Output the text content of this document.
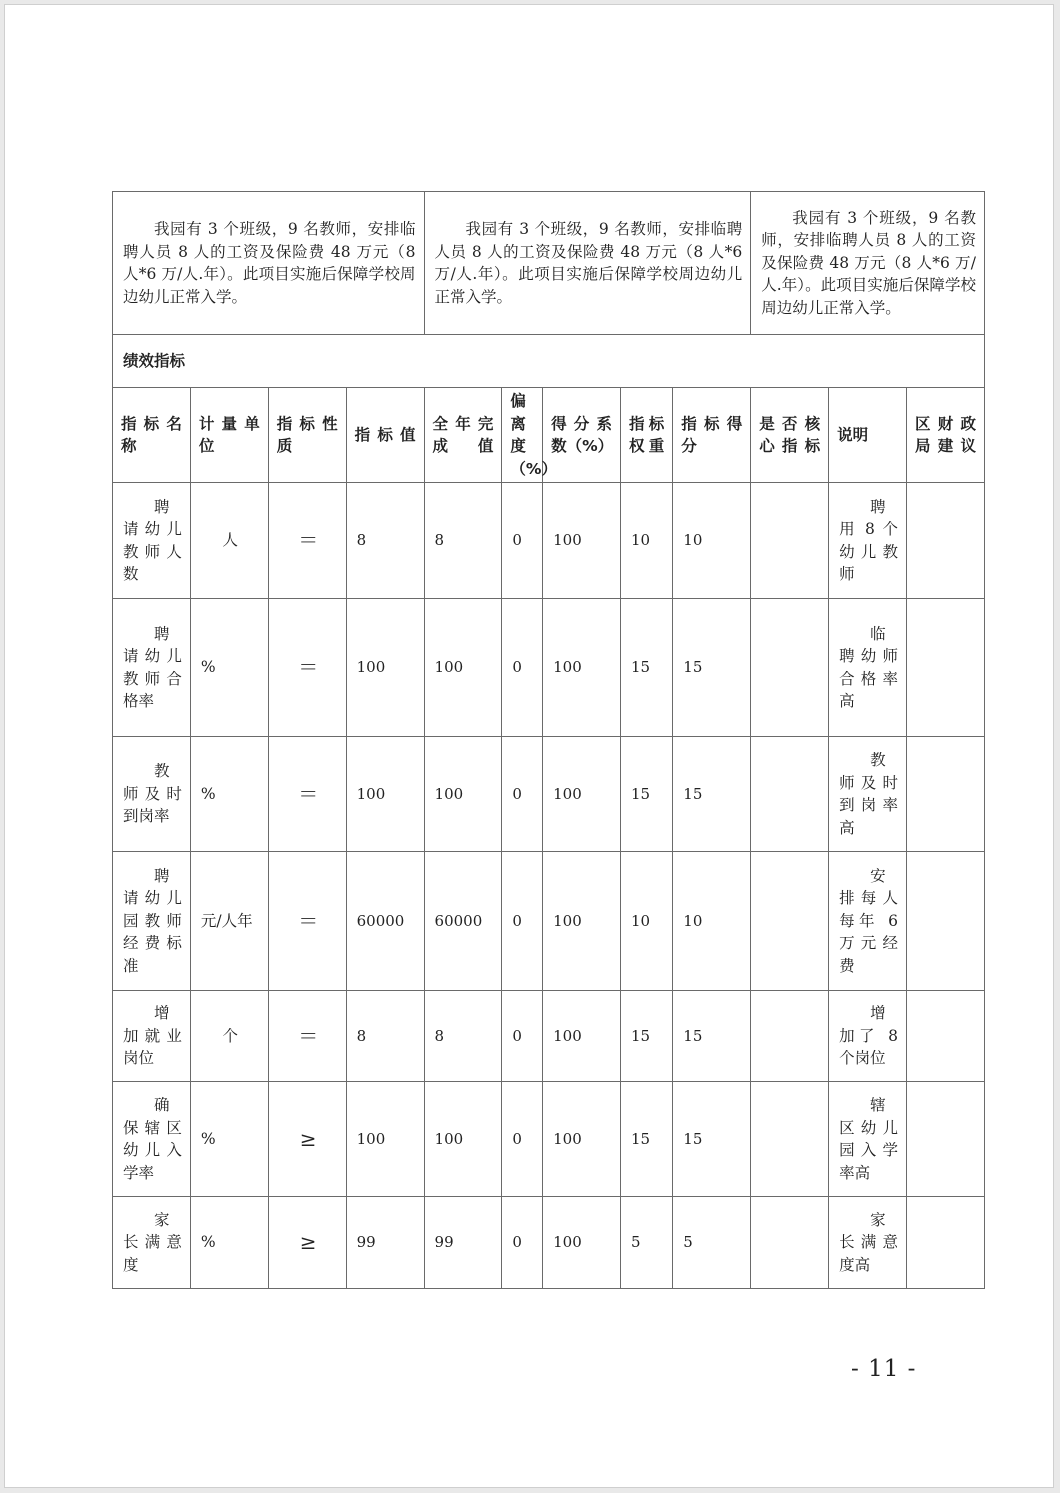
我园有 3 个班级，9 名教师，安排临聘人员 8 人的工资及保险费 48 万元（8 人*6 万/人.年）。此项目实施后保障学校周边幼儿正常入学。				我园有 3 个班级，9 名教师，安排临聘人员 8 人的工资及保险费 48 万元（8 人*6 万/人.年）。此项目实施后保障学校周边幼儿正常入学。					我园有 3 个班级，9 名教师，安排临聘人员 8 人的工资及保险费 48 万元（8 人*6 万/人.年）。此项目实施后保障学校周边幼儿正常入学。		
绩效指标											
指标名称	计量单位	指标性质	指标值	全年完成值	偏离度（%）	得分系数（%）	指标权重	指标得分	是否核心指标	说明	区财政局建议
聘请幼儿教师人数	人	＝	8	8	0	100	10	10		聘用 8 个幼儿教师	
聘请幼儿教师合格率	%	＝	100	100	0	100	15	15		临聘幼师合格率高	
教师及时到岗率	%	＝	100	100	0	100	15	15		教师及时到岗率高	
聘请幼儿园教师经费标准	元/人年	＝	60000	60000	0	100	10	10		安排每人每年 6 万元经费	
增加就业岗位	个	＝	8	8	0	100	15	15		增加了 8 个岗位	
确保辖区幼儿入学率	%	≥	100	100	0	100	15	15		辖区幼儿园入学率高	
家长满意度	%	≥	99	99	0	100	5	5		家长满意度高	
- 11 -
